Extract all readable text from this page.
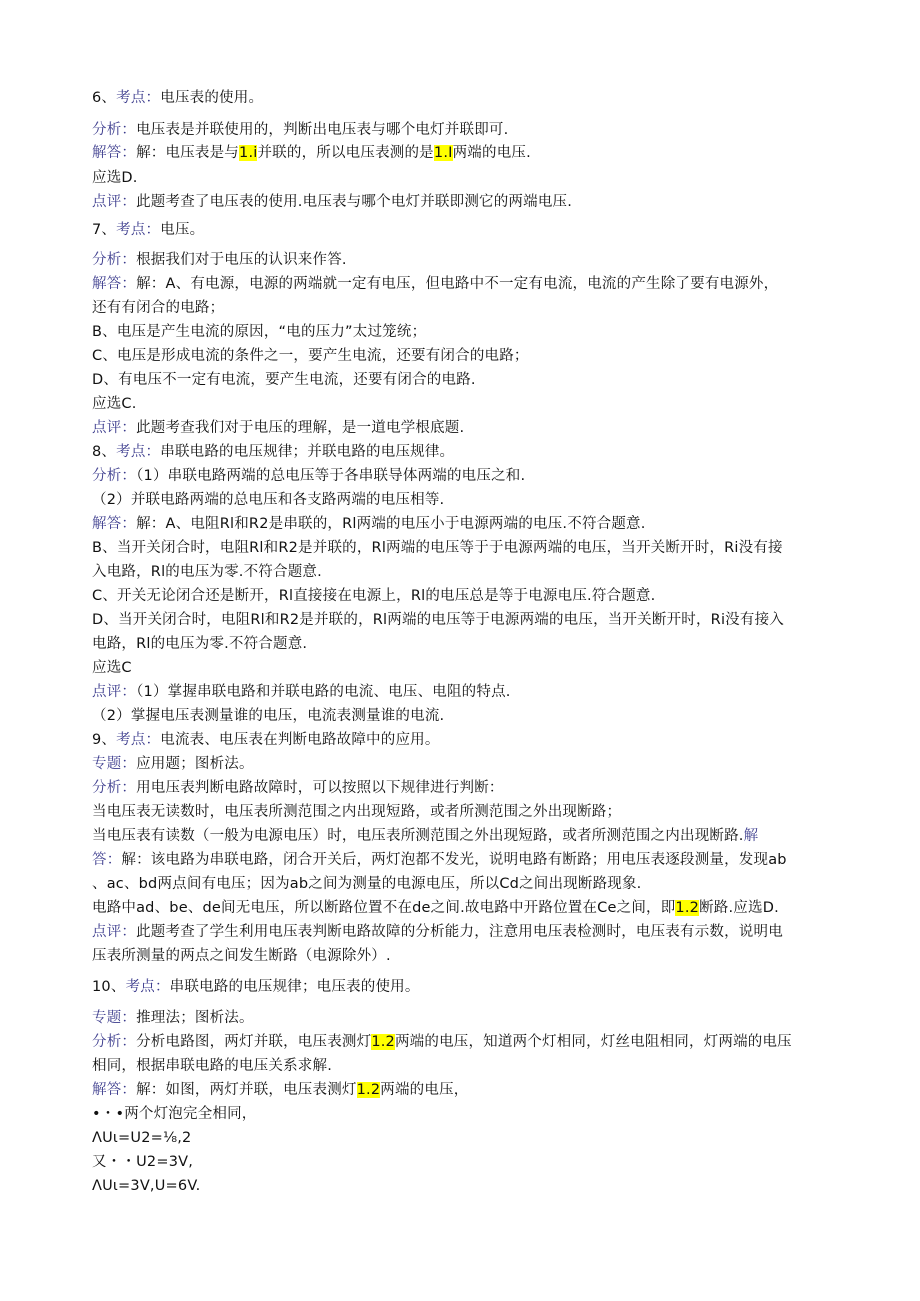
6、考点：电压表的使用。
分析：电压表是并联使用的，判断出电压表与哪个电灯并联即可.
解答：解：电压表是与1.i并联的，所以电压表测的是1.I两端的电压.
应选D.
点评：此题考查了电压表的使用.电压表与哪个电灯并联即测它的两端电压.
7、考点：电压。
分析：根据我们对于电压的认识来作答.
解答：解：A、有电源，电源的两端就一定有电压，但电路中不一定有电流，电流的产生除了要有电源外，
还有有闭合的电路；
B、电压是产生电流的原因，“电的压力”太过笼统；
C、电压是形成电流的条件之一，要产生电流，还要有闭合的电路；
D、有电压不一定有电流，要产生电流，还要有闭合的电路.
应选C.
点评：此题考查我们对于电压的理解，是一道电学根底题.
8、考点：串联电路的电压规律；并联电路的电压规律。
分析：（1）串联电路两端的总电压等于各串联导体两端的电压之和.
（2）并联电路两端的总电压和各支路两端的电压相等.
解答：解：A、电阻Rl和R2是串联的，Rl两端的电压小于电源两端的电压.不符合题意.
B、当开关闭合时，电阻Rl和R2是并联的，Rl两端的电压等于于电源两端的电压，当开关断开时，Ri没有接
入电路，Rl的电压为零.不符合题意.
C、开关无论闭合还是断开，Rl直接接在电源上，Rl的电压总是等于电源电压.符合题意.
D、当开关闭合时，电阻Rl和R2是并联的，Rl两端的电压等于电源两端的电压，当开关断开时，Ri没有接入
电路，Rl的电压为零.不符合题意.
应选C
点评：（1）掌握串联电路和并联电路的电流、电压、电阻的特点.
（2）掌握电压表测量谁的电压，电流表测量谁的电流.
9、考点：电流表、电压表在判断电路故障中的应用。
专题：应用题；图析法。
分析：用电压表判断电路故障时，可以按照以下规律进行判断：
当电压表无读数时，电压表所测范围之内出现短路，或者所测范围之外出现断路；
当电压表有读数（一般为电源电压）时，电压表所测范围之外出现短路，或者所测范围之内出现断路.解
答：解：该电路为串联电路，闭合开关后，两灯泡都不发光，说明电路有断路；用电压表逐段测量，发现ab
、ac、bd两点间有电压；因为ab之间为测量的电源电压，所以Cd之间出现断路现象.
电路中ad、be、de间无电压，所以断路位置不在de之间.故电路中开路位置在Ce之间，即1.2断路.应选D.
点评：此题考查了学生利用电压表判断电路故障的分析能力，注意用电压表检测时，电压表有示数，说明电
压表所测量的两点之间发生断路（电源除外）.
10、考点：串联电路的电压规律；电压表的使用。
专题：推理法；图析法。
分析：分析电路图，两灯并联，电压表测灯1.2两端的电压，知道两个灯相同，灯丝电阻相同，灯两端的电压
相同，根据串联电路的电压关系求解.
解答：解：如图，两灯并联，电压表测灯1.2两端的电压，
•・•两个灯泡完全相同，
ΛUι=U2=⅛,2
又・・U2=3V,
ΛUι=3V,U=6V.
